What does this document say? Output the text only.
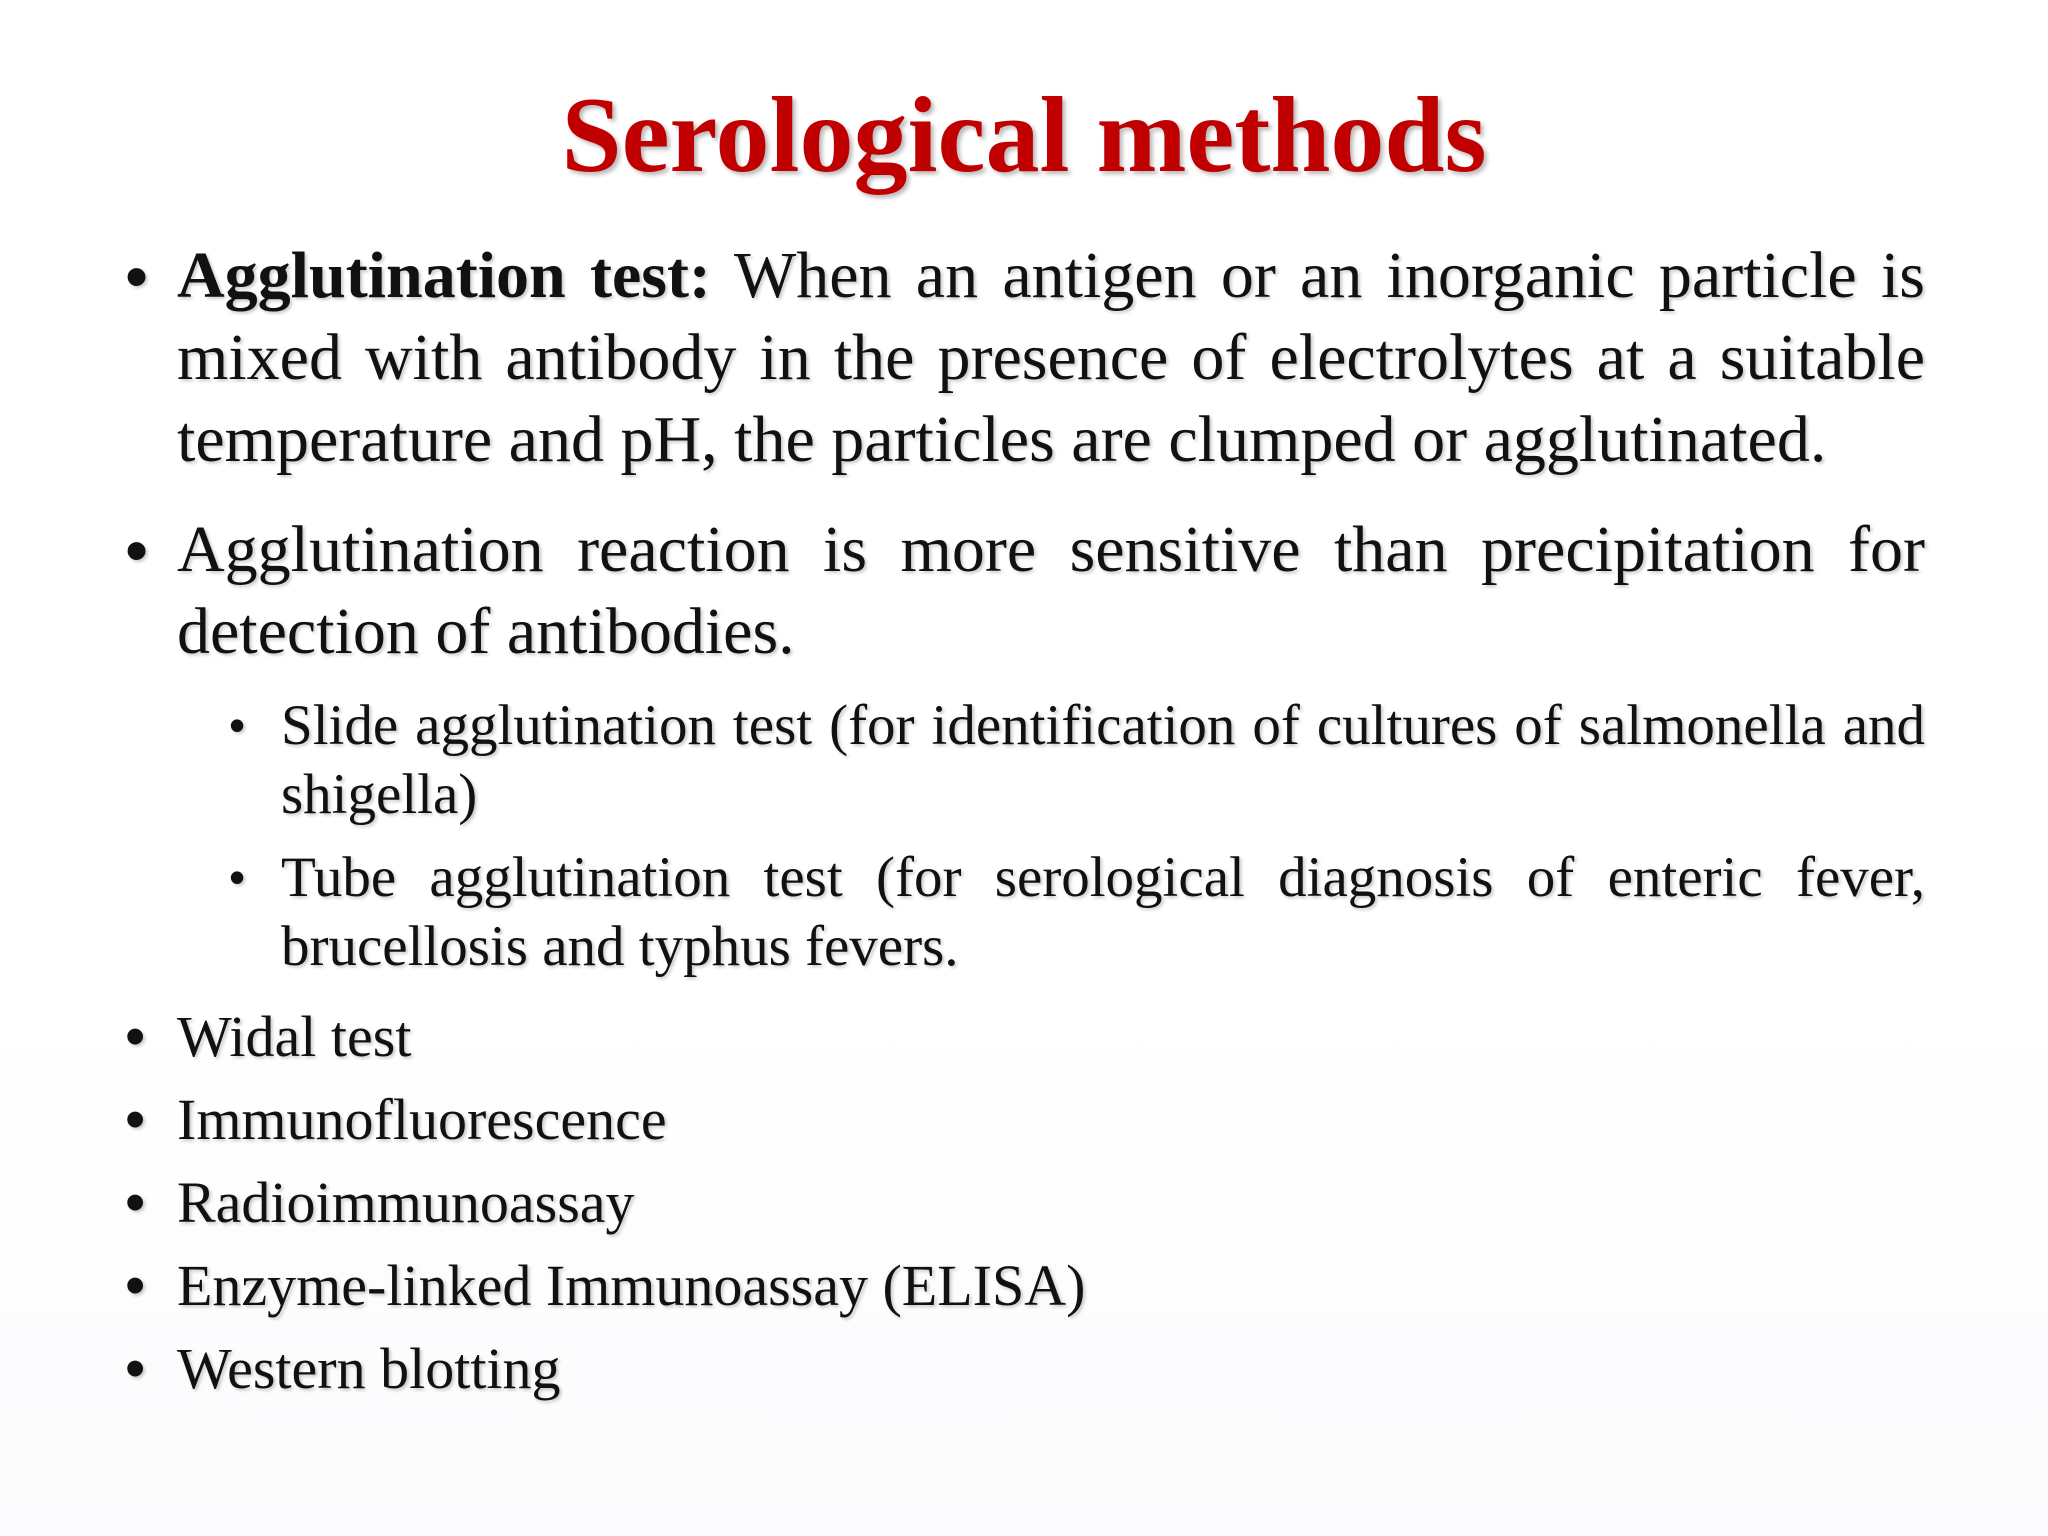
Serological methods
• Agglutination test: When an antigen or an inorganic particle is mixed with antibody in the presence of electrolytes at a suitable temperature and pH, the particles are clumped or agglutinated.
• Agglutination reaction is more sensitive than precipitation for detection of antibodies.
• Slide agglutination test (for identification of cultures of salmonella and shigella)
• Tube agglutination test (for serological diagnosis of enteric fever, brucellosis and typhus fevers.
• Widal test
• Immunofluorescence
• Radioimmunoassay
• Enzyme-linked Immunoassay (ELISA)
• Western blotting
